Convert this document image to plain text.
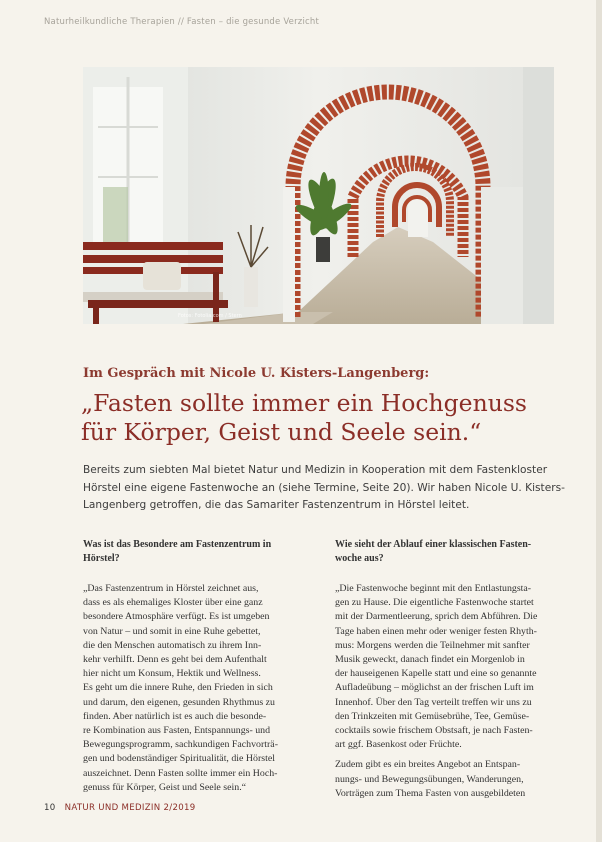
Naturheilkundliche Therapien // Fasten – die gesunde Verzicht
Fotos: Fotolia.com / Stern
Im Gespräch mit Nicole U. Kisters-Langenberg:
„Fasten sollte immer ein Hochgenuss
für Körper, Geist und Seele sein.“
Bereits zum siebten Mal bietet Natur und Medizin in Kooperation mit dem Fastenkloster
Hörstel eine eigene Fastenwoche an (siehe Termine, Seite 20). Wir haben Nicole U. Kisters-
Langenberg getroffen, die das Samariter Fastenzentrum in Hörstel leitet.
Was ist das Besondere am Fastenzentrum in
Hörstel?
„Das Fastenzentrum in Hörstel zeichnet aus,
dass es als ehemaliges Kloster über eine ganz
besondere Atmosphäre verfügt. Es ist umgeben
von Natur – und somit in eine Ruhe gebettet,
die den Menschen automatisch zu ihrem Inn-
kehr verhilft. Denn es geht bei dem Aufenthalt
hier nicht um Konsum, Hektik und Wellness.
Es geht um die innere Ruhe, den Frieden in sich
und darum, den eigenen, gesunden Rhythmus zu
finden. Aber natürlich ist es auch die besonde-
re Kombination aus Fasten, Entspannungs- und
Bewegungsprogramm, sachkundigen Fachvorträ-
gen und bodenständiger Spiritualität, die Hörstel
auszeichnet. Denn Fasten sollte immer ein Hoch-
genuss für Körper, Geist und Seele sein.“
Wie sieht der Ablauf einer klassischen Fasten-
woche aus?
„Die Fastenwoche beginnt mit den Entlastungsta-
gen zu Hause. Die eigentliche Fastenwoche startet
mit der Darmentleerung, sprich dem Abführen. Die
Tage haben einen mehr oder weniger festen Rhyth-
mus: Morgens werden die Teilnehmer mit sanfter
Musik geweckt, danach findet ein Morgenlob in
der hauseigenen Kapelle statt und eine so genannte
Aufladeübung – möglichst an der frischen Luft im
Innenhof. Über den Tag verteilt treffen wir uns zu
den Trinkzeiten mit Gemüsebrühe, Tee, Gemüse-
cocktails sowie frischem Obstsaft, je nach Fasten-
art ggf. Basenkost oder Früchte.
Zudem gibt es ein breites Angebot an Entspan-
nungs- und Bewegungsübungen, Wanderungen,
Vorträgen zum Thema Fasten von ausgebildeten
10 NATUR UND MEDIZIN 2/2019
